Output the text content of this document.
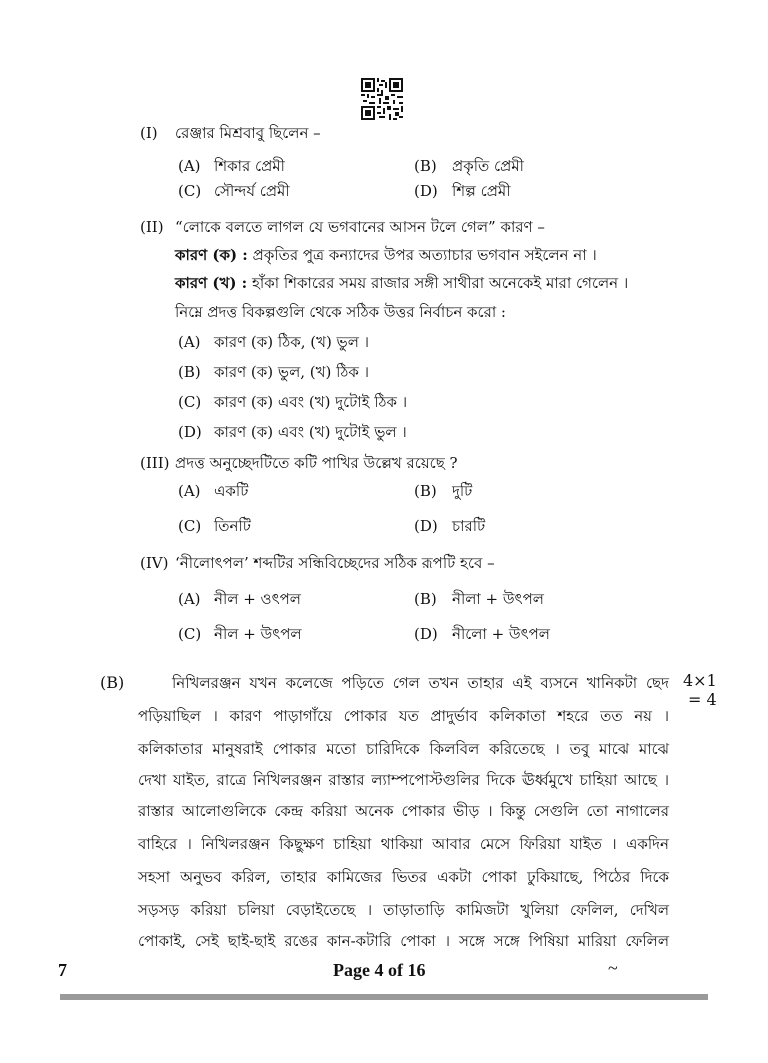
(I) রেঞ্জার মিশ্রবাবু ছিলেন –
(A) শিকার প্রেমী	(B) প্রকৃতি প্রেমী
(C) সৌন্দর্য প্রেমী	(D) শিল্প প্রেমী
(II) “লোকে বলতে লাগল যে ভগবানের আসন টলে গেল” কারণ –
কারণ (ক) : প্রকৃতির পুত্র কন্যাদের উপর অত্যাচার ভগবান সইলেন না ।
কারণ (খ) : হাঁকা শিকারের সময় রাজার সঙ্গী সাথীরা অনেকেই মারা গেলেন ।
নিম্নে প্রদত্ত বিকল্পগুলি থেকে সঠিক উত্তর নির্বাচন করো :
(A) কারণ (ক) ঠিক, (খ) ভুল ।
(B) কারণ (ক) ভুল, (খ) ঠিক ।
(C) কারণ (ক) এবং (খ) দুটোই ঠিক ।
(D) কারণ (ক) এবং (খ) দুটোই ভুল ।
(III) প্রদত্ত অনুচ্ছেদটিতে কটি পাখির উল্লেখ রয়েছে ?
(A) একটি	(B) দুটি
(C) তিনটি	(D) চারটি
(IV) ‘নীলোৎপল’ শব্দটির সন্ধিবিচ্ছেদের সঠিক রূপটি হবে –
(A) নীল + ওৎপল	(B) নীলা + উৎপল
(C) নীল + উৎপল	(D) নীলো + উৎপল
(B)	নিখিলরঞ্জন যখন কলেজে পড়িতে গেল তখন তাহার এই ব্যসনে খানিকটা ছেদ
পড়িয়াছিল । কারণ পাড়াগাঁয়ে পোকার যত প্রাদুর্ভাব কলিকাতা শহরে তত নয় ।
কলিকাতার মানুষরাই পোকার মতো চারিদিকে কিলবিল করিতেছে । তবু মাঝে মাঝে
দেখা যাইত, রাত্রে নিখিলরঞ্জন রাস্তার ল্যাম্পপোস্টগুলির দিকে ঊর্ধ্বমুখে চাহিয়া আছে ।
রাস্তার আলোগুলিকে কেন্দ্র করিয়া অনেক পোকার ভীড় । কিন্তু সেগুলি তো নাগালের
বাহিরে । নিখিলরঞ্জন কিছুক্ষণ চাহিয়া থাকিয়া আবার মেসে ফিরিয়া যাইত । একদিন
সহসা অনুভব করিল, তাহার কামিজের ভিতর একটা পোকা ঢুকিয়াছে, পিঠের দিকে
সড়সড় করিয়া চলিয়া বেড়াইতেছে । তাড়াতাড়ি কামিজটা খুলিয়া ফেলিল, দেখিল
পোকাই, সেই ছাই-ছাই রঙের কান-কটারি পোকা । সঙ্গে সঙ্গে পিষিয়া মারিয়া ফেলিল
4×1
= 4
7	Page 4 of 16	~
